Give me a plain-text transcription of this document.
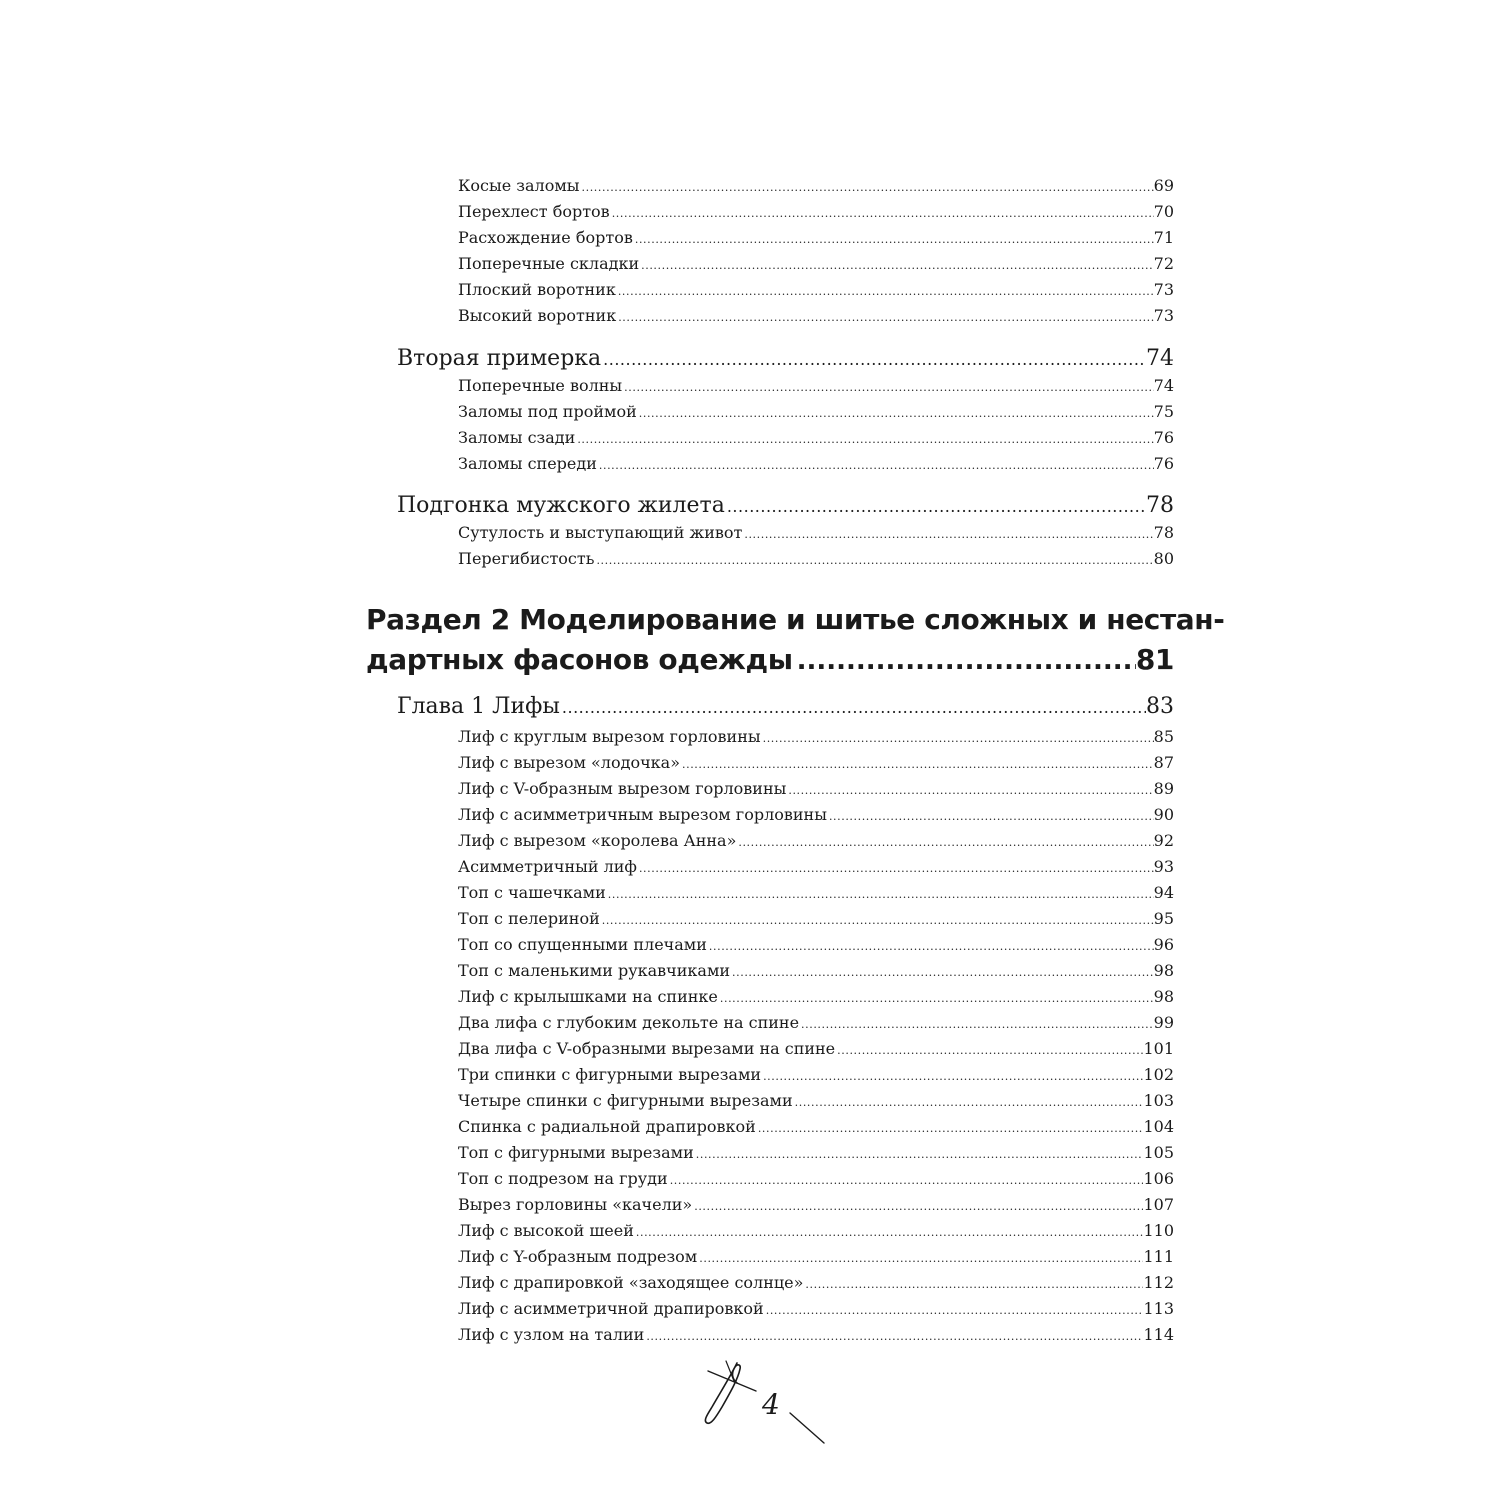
Косые заломы .....	69
Перехлест бортов .....	70
Расхождение бортов .....	71
Поперечные складки .....	72
Плоский воротник .....	73
Высокий воротник .....	73
Вторая примерка .....	74
Поперечные волны .....	74
Заломы под проймой .....	75
Заломы сзади .....	76
Заломы спереди .....	76
Подгонка мужского жилета .....	78
Сутулость и выступающий живот .....	78
Перегибистость .....	80
Раздел 2 Моделирование и шитье сложных и нестан-
дартных фасонов одежды .....	81
Глава 1 Лифы .....	83
Лиф с круглым вырезом горловины .....	85
Лиф с вырезом «лодочка» .....	87
Лиф с V-образным вырезом горловины .....	89
Лиф с асимметричным вырезом горловины .....	90
Лиф с вырезом «королева Анна» .....	92
Асимметричный лиф .....	93
Топ с чашечками .....	94
Топ с пелериной .....	95
Топ со спущенными плечами .....	96
Топ с маленькими рукавчиками .....	98
Лиф с крылышками на спинке .....	98
Два лифа с глубоким декольте на спине .....	99
Два лифа с V-образными вырезами на спине .....	101
Три спинки с фигурными вырезами .....	102
Четыре спинки с фигурными вырезами .....	103
Спинка с радиальной драпировкой .....	104
Топ с фигурными вырезами .....	105
Топ с подрезом на груди .....	106
Вырез горловины «качели» .....	107
Лиф с высокой шеей .....	110
Лиф с Y-образным подрезом .....	111
Лиф с драпировкой «заходящее солнце» .....	112
Лиф с асимметричной драпировкой .....	113
Лиф с узлом на талии .....	114
4
